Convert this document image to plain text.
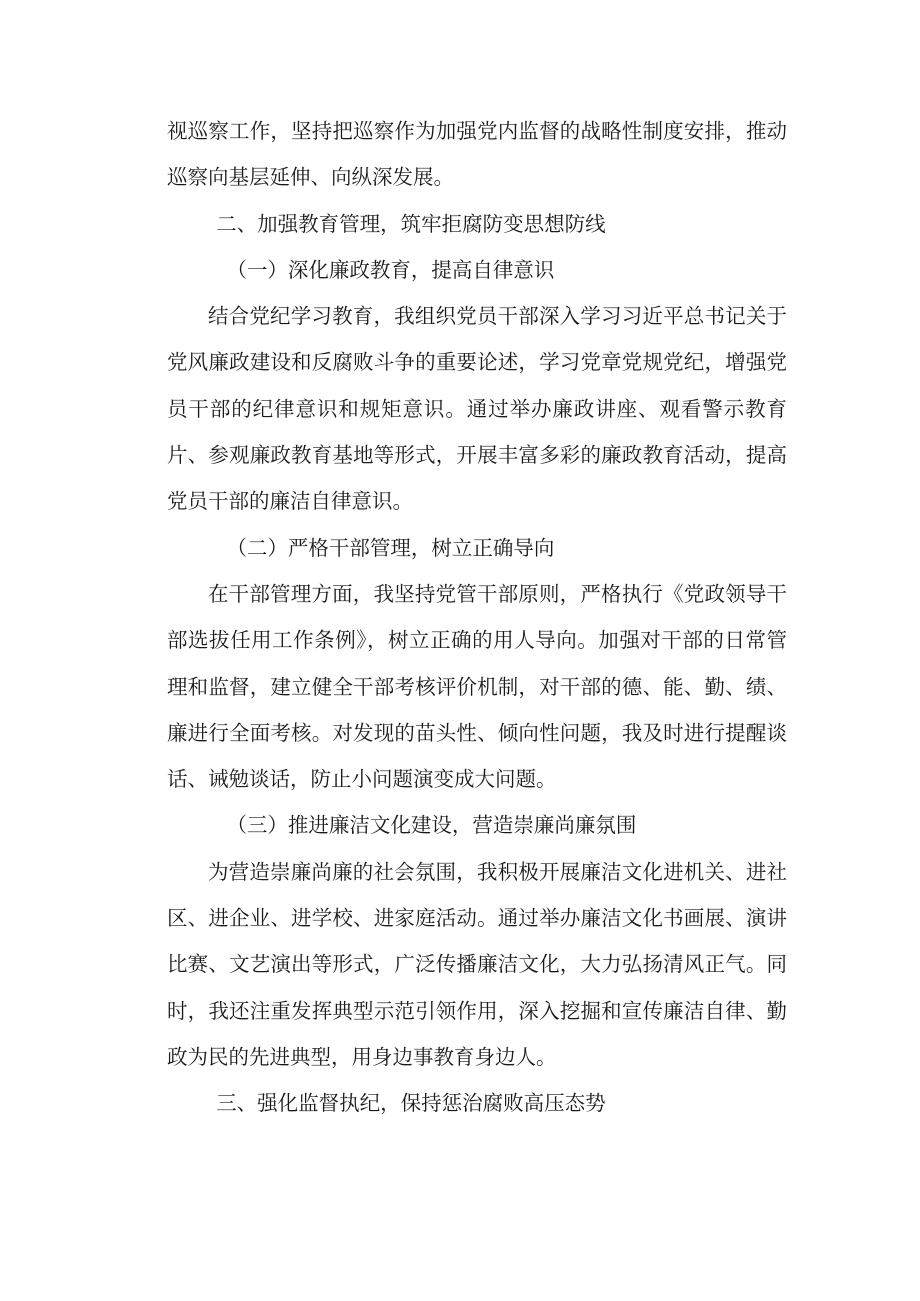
视巡察工作，坚持把巡察作为加强党内监督的战略性制度安排，推动巡察向基层延伸、向纵深发展。

二、加强教育管理，筑牢拒腐防变思想防线

（一）深化廉政教育，提高自律意识

结合党纪学习教育，我组织党员干部深入学习习近平总书记关于党风廉政建设和反腐败斗争的重要论述，学习党章党规党纪，增强党员干部的纪律意识和规矩意识。通过举办廉政讲座、观看警示教育片、参观廉政教育基地等形式，开展丰富多彩的廉政教育活动，提高党员干部的廉洁自律意识。

（二）严格干部管理，树立正确导向

在干部管理方面，我坚持党管干部原则，严格执行《党政领导干部选拔任用工作条例》，树立正确的用人导向。加强对干部的日常管理和监督，建立健全干部考核评价机制，对干部的德、能、勤、绩、廉进行全面考核。对发现的苗头性、倾向性问题，我及时进行提醒谈话、诫勉谈话，防止小问题演变成大问题。

（三）推进廉洁文化建设，营造崇廉尚廉氛围

为营造崇廉尚廉的社会氛围，我积极开展廉洁文化进机关、进社区、进企业、进学校、进家庭活动。通过举办廉洁文化书画展、演讲比赛、文艺演出等形式，广泛传播廉洁文化，大力弘扬清风正气。同时，我还注重发挥典型示范引领作用，深入挖掘和宣传廉洁自律、勤政为民的先进典型，用身边事教育身边人。

三、强化监督执纪，保持惩治腐败高压态势
